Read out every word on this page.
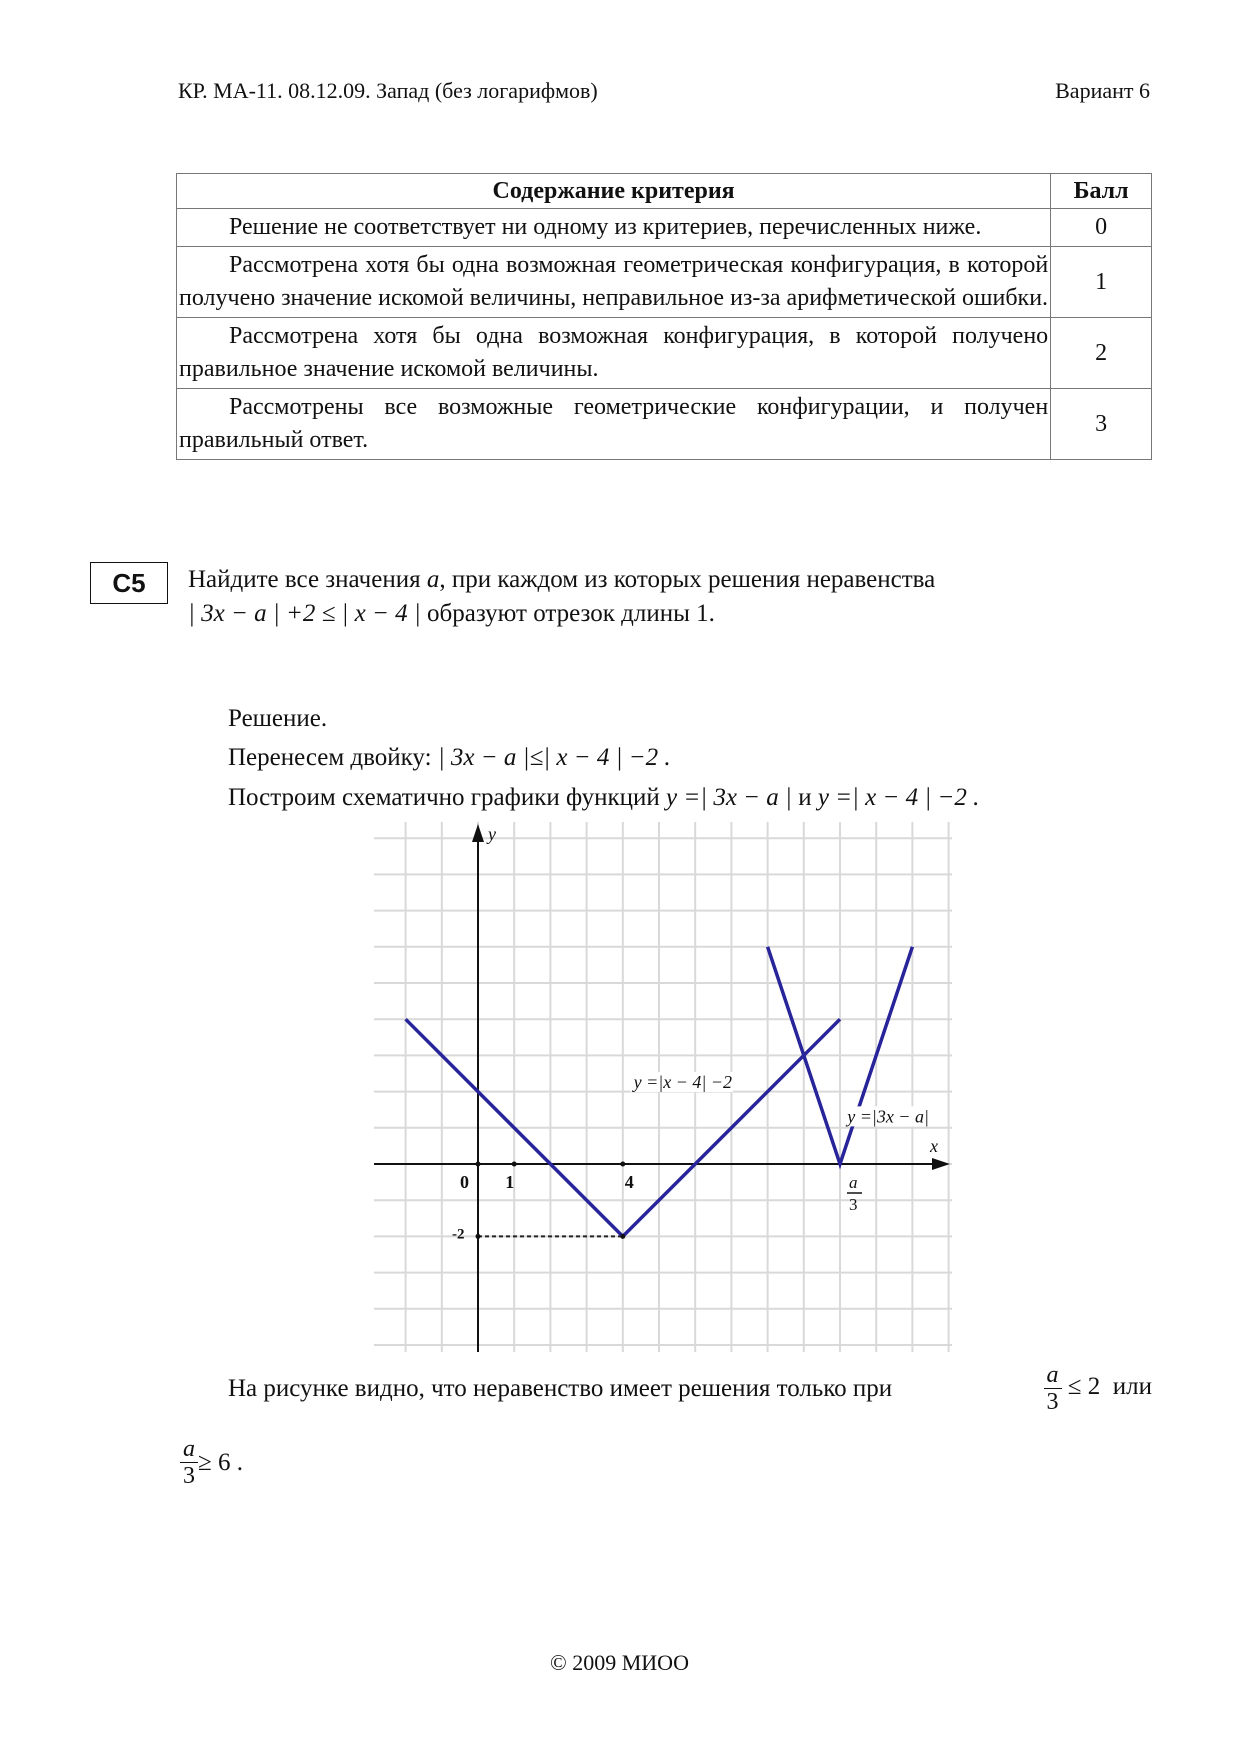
КР. МА-11. 08.12.09. Запад (без логарифмов)	Вариант 6
Содержание критерия	Балл
Решение не соответствует ни одному из критериев, перечисленных ниже.	0
Рассмотрена хотя бы одна возможная геометрическая конфигурация, в которой получено значение искомой величины, неправильное из-за арифметической ошибки.	1
Рассмотрена хотя бы одна возможная конфигурация, в которой получено правильное значение искомой величины.	2
Рассмотрены все возможные геометрические конфигурации, и получен правильный ответ.	3
C5	Найдите все значения a, при каждом из которых решения неравенства
| 3x − a | +2 ≤ | x − 4 | образуют отрезок длины 1.
Решение.
Перенесем двойку: | 3x − a |≤| x − 4 | −2 .
Построим схематично графики функций y =| 3x − a | и y =| x − 4 | −2 .
0 1	4
-2
a
3
x
y
y =|x − 4| −2
y =|3x − a|
На рисунке видно, что неравенство имеет решения только при	$\frac{a}{3} \le 2$ или
$\frac{a}{3} \ge 6$ .
© 2009 МИОО
